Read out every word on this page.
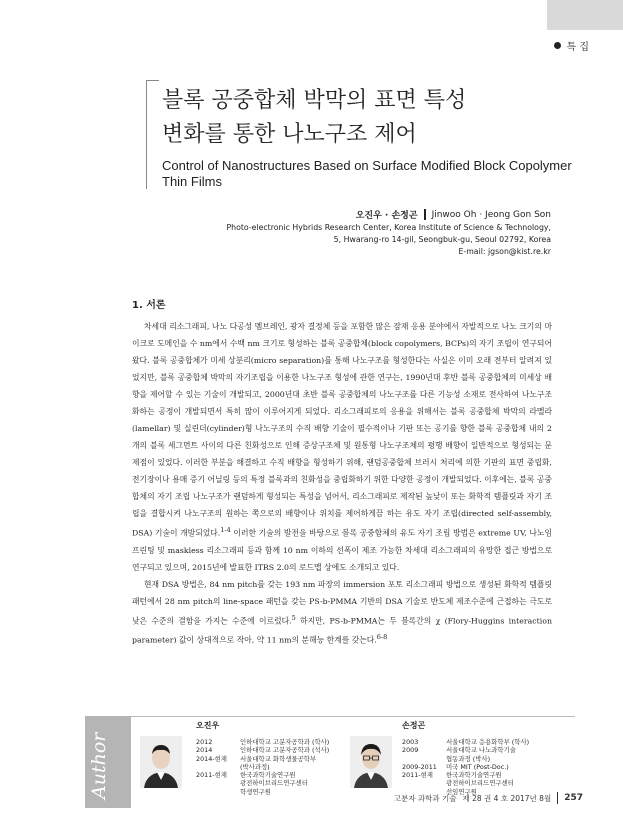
특 집
블록 공중합체 박막의 표면 특성
변화를 통한 나노구조 제어
Control of Nanostructures Based on Surface Modified Block Copolymer Thin Films
오진우 · 손정곤 Jinwoo Oh · Jeong Gon Son
Photo-electronic Hybrids Research Center, Korea Institute of Science & Technology,
5, Hwarang-ro 14-gil, Seongbuk-gu, Seoul 02792, Korea
E-mail: jgson@kist.re.kr
1. 서론

차세대 리소그래피, 나노 다공성 멤브레인, 광자 결정체 등을 포함한 많은 잠재 응용 분야에서 자발적으로 나노 크기의 마이크로 도메인을 수 nm에서 수백 nm 크기로 형성하는 블록 공중합체(block copolymers, BCPs)의 자기 조립이 연구되어왔다. 블록 공중합체가 미세 상분리(micro separation)를 통해 나노구조를 형성한다는 사실은 이미 오래 전부터 알려져 있었지만, 블록 공중합체 박막의 자기조립을 이용한 나노구조 형성에 관한 연구는, 1990년대 후반 블록 공중합체의 미세상 배향을 제어할 수 있는 기술이 개발되고, 2000년대 초반 블록 공중합체의 나노구조를 다른 기능성 소재로 전사하여 나노구조화하는 공정이 개발되면서 특히 많이 이루어지게 되었다. 리소그래피로의 응용을 위해서는 블록 공중합체 박막의 라멜라(lamellar) 및 실린더(cylinder)형 나노구조의 수직 배향 기술이 필수적이나 기판 또는 공기를 향한 블록 공중합체 내의 2개의 블록 세그먼트 사이의 다른 친화성으로 인해 증상구조체 및 원통형 나노구조체의 평행 배향이 일반적으로 형성되는 문제점이 있었다. 이러한 부분을 해결하고 수직 배향을 형성하기 위해, 랜덤공중합체 브러시 처리에 의한 기판의 표면 중립화, 전기장이나 용매 증기 어닐링 등의 특정 블록과의 친화성을 중립화하기 위한 다양한 공정이 개발되었다. 이후에는, 블록 공중합체의 자기 조립 나노구조가 랜덤하게 형성되는 특성을 넘어서, 리소그래피로 제작된 높낮이 또는 화학적 템플릿과 자기 조립을 결합시켜 나노구조의 원하는 쪽으로의 배향이나 위치를 제어하게끔 하는 유도 자기 조립(directed self-assembly, DSA) 기술이 개발되었다.$^{1-4}$ 이러한 기술의 발전을 바탕으로 블록 공중합체의 유도 자기 조립 방법은 extreme UV, 나노임프린팅 및 maskless 리소그래피 등과 함께 10 nm 이하의 선폭이 제조 가능한 차세대 리소그래피의 유망한 접근 방법으로 연구되고 있으며, 2015년에 발표한 ITRS 2.0의 로드맵 상에도 소개되고 있다.

현재 DSA 방법은, 84 nm pitch를 갖는 193 nm 파장의 immersion 포토 리소그래피 방법으로 생성된 화학적 템플릿 패턴에서 28 nm pitch의 line-space 패턴을 갖는 PS-b-PMMA 기반의 DSA 기술로 반도체 제조수준에 근접하는 극도로 낮은 수준의 결함을 가지는 수준에 이르렀다.$^5$ 하지만, PS-b-PMMA는 두 블록간의 χ (Flory-Huggins interaction parameter) 값이 상대적으로 작아, 약 11 nm의 분해능 한계를 갖는다.$^{6-8}$

Author
오진우
2012
2014
2014-현재

2011-현재
인하대학교 고분자공학과 (학사)
인하대학교 고분자공학과 (석사)
서울대학교 화학생물공학부
(박사과정)
한국과학기술연구원
광전하이브리드연구센터
학생연구원
손정곤
2003
2009

2009-2011
2011-현재
서울대학교 응용화학부 (학사)
서울대학교 나노과학기술
협동과정 (박사)
미국 MIT (Post-Doc.)
한국과학기술연구원
광전하이브리드연구센터
선임연구원
고분자 과학과 기술 제 28 권 4 호 2017년 8월 257
